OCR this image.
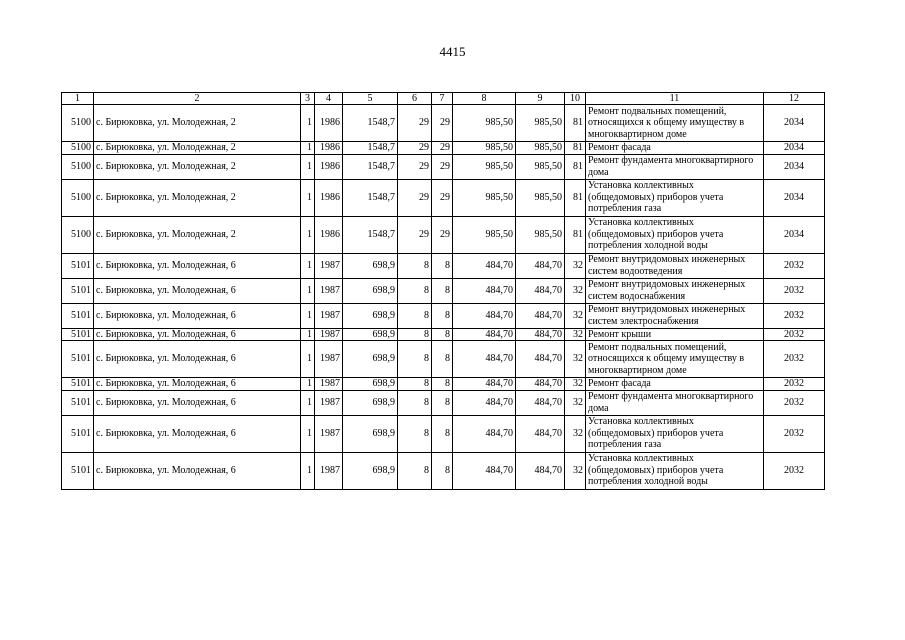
4415
1	2	3	4	5	6	7	8	9	10	11	12
5100	с. Бирюковка, ул. Молодежная, 2	1	1986	1548,7	29	29	985,50	985,50	81	Ремонт подвальных помещений, относящихся к общему имуществу в многоквартирном доме	2034
5100	с. Бирюковка, ул. Молодежная, 2	1	1986	1548,7	29	29	985,50	985,50	81	Ремонт фасада	2034
5100	с. Бирюковка, ул. Молодежная, 2	1	1986	1548,7	29	29	985,50	985,50	81	Ремонт фундамента многоквартирного дома	2034
5100	с. Бирюковка, ул. Молодежная, 2	1	1986	1548,7	29	29	985,50	985,50	81	Установка коллективных (общедомовых) приборов учета потребления газа	2034
5100	с. Бирюковка, ул. Молодежная, 2	1	1986	1548,7	29	29	985,50	985,50	81	Установка коллективных (общедомовых) приборов учета потребления холодной воды	2034
5101	с. Бирюковка, ул. Молодежная, 6	1	1987	698,9	8	8	484,70	484,70	32	Ремонт внутридомовых инженерных систем водоотведения	2032
5101	с. Бирюковка, ул. Молодежная, 6	1	1987	698,9	8	8	484,70	484,70	32	Ремонт внутридомовых инженерных систем водоснабжения	2032
5101	с. Бирюковка, ул. Молодежная, 6	1	1987	698,9	8	8	484,70	484,70	32	Ремонт внутридомовых инженерных систем электроснабжения	2032
5101	с. Бирюковка, ул. Молодежная, 6	1	1987	698,9	8	8	484,70	484,70	32	Ремонт крыши	2032
5101	с. Бирюковка, ул. Молодежная, 6	1	1987	698,9	8	8	484,70	484,70	32	Ремонт подвальных помещений, относящихся к общему имуществу в многоквартирном доме	2032
5101	с. Бирюковка, ул. Молодежная, 6	1	1987	698,9	8	8	484,70	484,70	32	Ремонт фасада	2032
5101	с. Бирюковка, ул. Молодежная, 6	1	1987	698,9	8	8	484,70	484,70	32	Ремонт фундамента многоквартирного дома	2032
5101	с. Бирюковка, ул. Молодежная, 6	1	1987	698,9	8	8	484,70	484,70	32	Установка коллективных (общедомовых) приборов учета потребления газа	2032
5101	с. Бирюковка, ул. Молодежная, 6	1	1987	698,9	8	8	484,70	484,70	32	Установка коллективных (общедомовых) приборов учета потребления холодной воды	2032
